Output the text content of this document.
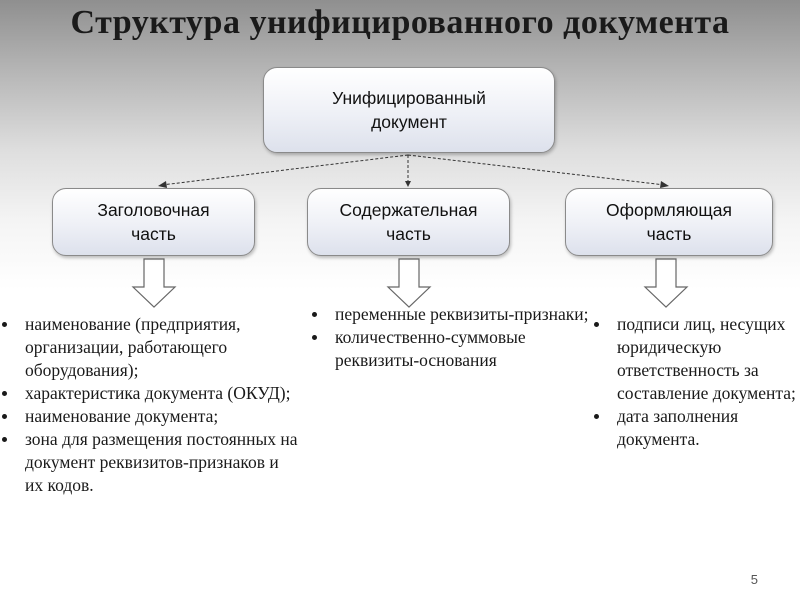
Структура унифицированного документа
Унифицированный
документ
Заголовочная
часть
Содержательная
часть
Оформляющая
часть
наименование (предприятия, организации, работающего оборудования);
характеристика документа (ОКУД);
наименование документа;
зона для размещения постоянных на документ реквизитов-признаков и их кодов.
переменные реквизиты-признаки;
количественно-суммовые реквизиты-основания
подписи лиц, несущих юридическую ответственность за составление документа;
дата заполнения документа.
5
